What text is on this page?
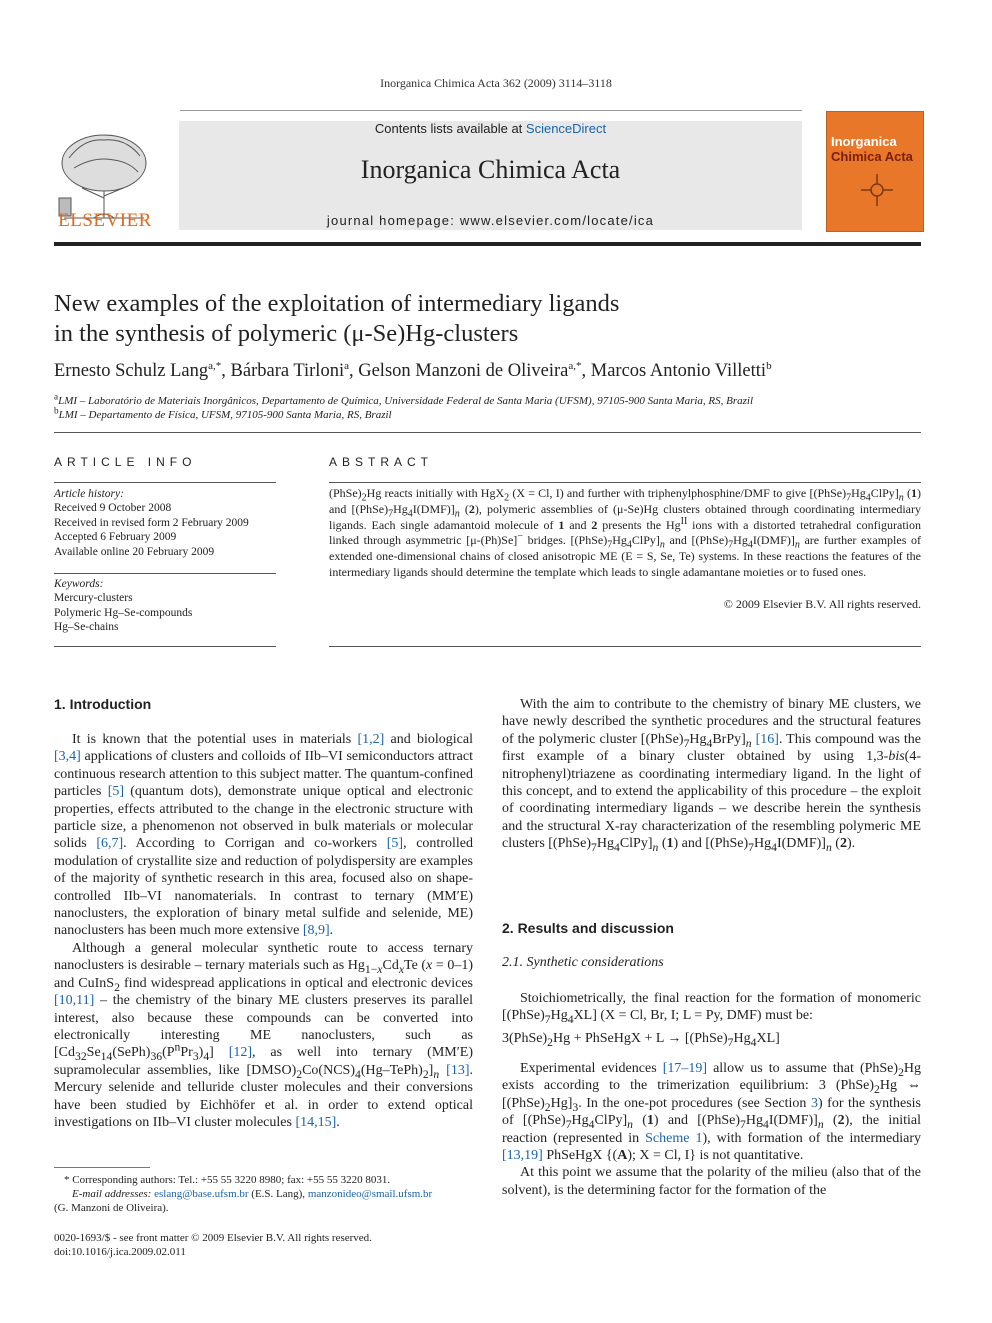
Inorganica Chimica Acta 362 (2009) 3114–3118
ELSEVIER
Contents lists available at ScienceDirect
Inorganica Chimica Acta
journal homepage: www.elsevier.com/locate/ica
Inorganica
Chimica Acta
New examples of the exploitation of intermediary ligands
in the synthesis of polymeric (μ-Se)Hg-clusters
Ernesto Schulz Lang$^{a,*}$, Bárbara Tirloni$^a$, Gelson Manzoni de Oliveira$^{a,*}$, Marcos Antonio Villetti$^b$
$^a$LMI – Laboratório de Materiais Inorgânicos, Departamento de Química, Universidade Federal de Santa Maria (UFSM), 97105-900 Santa Maria, RS, Brazil
$^b$LMI – Departamento de Física, UFSM, 97105-900 Santa Maria, RS, Brazil
ARTICLE INFO
Article history:
Received 9 October 2008
Received in revised form 2 February 2009
Accepted 6 February 2009
Available online 20 February 2009
Keywords:
Mercury-clusters
Polymeric Hg–Se-compounds
Hg–Se-chains
ABSTRACT
$(PhSe)_2Hg$ reacts initially with HgX$_2$ (X = Cl, I) and further with triphenylphosphine/DMF to give $[(PhSe)_7Hg_4ClPy]_n$ (1) and $[(PhSe)_7Hg_4I(DMF)]_n$ (2), polymeric assemblies of (μ-Se)Hg clusters obtained through coordinating intermediary ligands. Each single adamantoid molecule of 1 and 2 presents the $Hg^{II}$ ions with a distorted tetrahedral configuration linked through asymmetric [μ-(Ph)Se]− bridges. $[(PhSe)_7Hg_4ClPy]_n$ and $[(PhSe)_7Hg_4I(DMF)]_n$ are further examples of extended one-dimensional chains of closed anisotropic ME (E = S, Se, Te) systems. In these reactions the features of the intermediary ligands should determine the template which leads to single adamantane moieties or to fused ones.
© 2009 Elsevier B.V. All rights reserved.
1. Introduction

It is known that the potential uses in materials [1,2] and biological [3,4] applications of clusters and colloids of IIb–VI semiconductors attract continuous research attention to this subject matter. The quantum-confined particles [5] (quantum dots), demonstrate unique optical and electronic properties, effects attributed to the change in the electronic structure with particle size, a phenomenon not observed in bulk materials or molecular solids [6,7]. According to Corrigan and co-workers [5], controlled modulation of crystallite size and reduction of polydispersity are examples of the majority of synthetic research in this area, focused also on shape-controlled IIb–VI nanomaterials. In contrast to ternary (MM′E) nanoclusters, the exploration of binary metal sulfide and selenide, ME) nanoclusters has been much more extensive [8,9].

Although a general molecular synthetic route to access ternary nanoclusters is desirable – ternary materials such as $Hg_{1-x}Cd_xTe$ (x = 0–1) and CuInS$_2$ find widespread applications in optical and electronic devices [10,11] – the chemistry of the binary ME clusters preserves its parallel interest, also because these compounds can be converted into electronically interesting ME nanoclusters, such as $[Cd_{32}Se_{14}(SePh)_{36}(P^nPr_3)_4]$ [12], as well into ternary (MM′E) supramolecular assemblies, like $[DMSO)_2Co(NCS)_4(Hg-TePh)_2]_n$ [13]. Mercury selenide and telluride cluster molecules and their conversions have been studied by Eichhöfer et al. in order to extend optical investigations on IIb–VI cluster molecules [14,15].

* Corresponding authors: Tel.: +55 55 3220 8980; fax: +55 55 3220 8031.
E-mail addresses: eslang@base.ufsm.br (E.S. Lang), manzonideo@smail.ufsm.br
(G. Manzoni de Oliveira).
0020-1693/$ - see front matter © 2009 Elsevier B.V. All rights reserved.
doi:10.1016/j.ica.2009.02.011

With the aim to contribute to the chemistry of binary ME clusters, we have newly described the synthetic procedures and the structural features of the polymeric cluster $[(PhSe)_7Hg_4BrPy]_n$ [16]. This compound was the first example of a binary cluster obtained by using 1,3-bis(4-nitrophenyl)triazene as coordinating intermediary ligand. In the light of this concept, and to extend the applicability of this procedure – the exploit of coordinating intermediary ligands – we describe herein the synthesis and the structural X-ray characterization of the resembling polymeric ME clusters $[(PhSe)_7Hg_4ClPy]_n$ (1) and $[(PhSe)_7Hg_4I(DMF)]_n$ (2).

2. Results and discussion
2.1. Synthetic considerations

Stoichiometrically, the final reaction for the formation of monomeric $[(PhSe)_7Hg_4XL] (X = Cl$, Br, I; L = Py, DMF) must be:

$3(PhSe)_2Hg$ + PhSeHgX + $L \to [(PhSe)_7Hg_4XL]$

Experimental evidences [17–19] allow us to assume that $(PhSe)_2Hg$ exists according to the trimerization equilibrium: 3 $(PhSe)_2Hg$ ⇔ $[(PhSe)_2Hg]_3$. In the one-pot procedures (see Section 3) for the synthesis of $[(PhSe)_7Hg_4ClPy]_n$ (1) and $[(PhSe)_7Hg_4I(DMF)]_n$ (2), the initial reaction (represented in Scheme 1), with formation of the intermediary [13,19] PhSeHgX {(A); X = Cl, I} is not quantitative.

At this point we assume that the polarity of the milieu (also that of the solvent), is the determining factor for the formation of the
